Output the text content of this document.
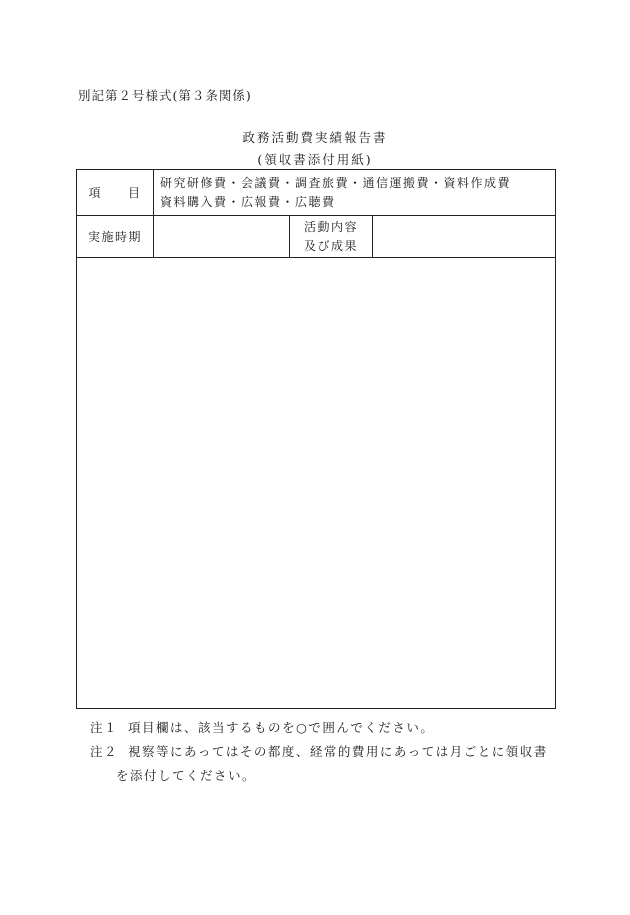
別記第２号様式(第３条関係)
政務活動費実績報告書
(領収書添付用紙)
項 目
研究研修費・会議費・調査旅費・通信運搬費・資料作成費
資料購入費・広報費・広聴費
実施時期
活動内容
及び成果
注１ 項目欄は、該当するものを○で囲んでください。
注２ 視察等にあってはその都度、経常的費用にあっては月ごとに領収書
を添付してください。
